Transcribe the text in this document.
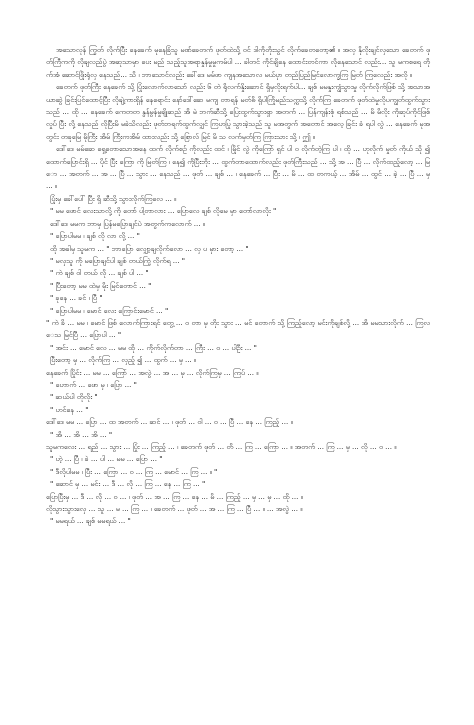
အသောလုန် ကြွတ် လိုက်ပြီး နေခေက် မုနေခြံသူ မဏ်ခေတက် ဖုတ်ထဲသို့ ဝင် ဒါကိုတိုးသွင် လိုက်ခေတတော့၏ ။ အလှ နိုလိုးချင်လှသော ခေတက် ဖုတ်ကြီကကို လိုချလည်ပွဲ အဆုသာမှာ ပေး မည် သည့်သူအရာနှုန်မှုမှုကမ်ပါ ... ခါတင် ကိုင်ချိနေ ထောင်းတင်ကာ လိုနေသောင် လည်း... သူ မကစရေ တိုက်အံ ဆောင်ဖြိုးရုံလှ နေသည်... သိ ၊ ဘာသောင်လည်း ခေါ်ဒေ မမ်ဖာ ကျနအသောလ မယ်ပှာ တည်ပြည်မြင်လောက္ခကြ မြတ် ကြလေည်း အလို ။

ခေတက် ဖုတ်ကြီး နေခေက် သို့ ပြုံးလောက်လာသော် လည်း ၆ တဲ ရိုလက်နှိုးဆောင် ရှိမှလိုးရက်ပါ... ချစ် မမနှုးကျွံသွားမှု လိုက်လိုက်ဖြစ် သို့ အသာအယာဆွဲ ခြင်းပြင်ထောင့်ပြီး လိုချဲ့ကားရှိန် နေရောင်း နော်ဒေါ်ဆေ မကျ တာရန် မတ်ဓိ ရှိပါကြိုမည်သက္ကသို့ လိုက်ကြ ခေတက် ဖုတ်ထဲမှုလိုပကျွတ်ထွက်သွားသည် ... ထို ... နေခေက် ကေတတ နွန်မွန်မှုချိုဆည် အိ မဲ ဘက်ဆီသို့ ပြေးထွက်သွားရှာ အတက် ... ပြန်ကျန်းစုံ ရစ်သည် ... မိ မိလိုး ကိုဆုပ်ကိုင်ဖြစ်လှုပ် ပြီး လို့ နေသည် လိုပြီးမိ မခဲသိလည်း ဖုတ်ဘရက်ထွက်လျှင် ကြဟပြု သွားခဲ့သည် သူ မအတွက် အတောင် အလေ့ ခြင်း ခံ ရပါ လွဲ ... နေခေက် မုအတွင်း တခုမြေ မိုကြီး အိမ် ကြီးကအိမ် ထားလည်း သို့ စြောလ် မြင် မိ သ လက်မှတ်ကြ ကြားသား သို့ ၊ ဤ ။

ဒေါ်ဒေ မမ်ဆေ ရှေ့တောသောအနေ ထက် လိုက်စဉ် ကိုလည်း ထင် ၊ မြိုင် လွဲ ကိုကြော် ရှင် ပါ ဝ လိုက်တဲ့ကြ ပါ ၊ ထို ... ဟုလိုက် မှုတ် ကိုယ် သို ၍ ထောက်ပြောင်းရှိ ... ပိုင် ပြီး ကြော ကို မြတ်ကြ ၊ နေ၍ ကိုပြီးဘိုး ... ထွက်တာထောက်လည်း ဖုတ်ကြီးသည် ... သို့ အ ... ပြီ ... လိုက်ထည့်လော့ ... မြော ... အတက် ... အ ... ပြီ ... သွား ... နေသည် ... ဖုတ် ... ချစ် ... ၊ နေခေက် ... ပြီး ... မိ ... ထ တကယ့် ... အိမ် ... ထွင် ... ခဲ့ ... ပြီ ... မှ ... ။

ပြုံးမှ ခေါ်ပေါ် ပြီး ရှိ ဆီသို့ သွားလိုက်ကြလေ ... ။

" မမ ဖောင် လေးသာလို့ ကို တော် ပါ့တာလား ... ပြောလေ ချစ် လိုမေ မှာ တော်လာလိုး "

ဒေါ်ဒေ မမက ဘာမှ ပြန်မပြောချင်ပဲ အတွက်ကလောက် ... ။

" ပြောပါမမ ၊ ချစ် လို လာ လို့ ... "

ထို အခါမှ သူမက ... " ဘာပြော လျှော့ချလိုက်လော ... လှ ပ မှား တော့ ... "

" မလှသူ ကို မပြောချင်ပါ ချစ် တယ်ကြဲ့ လိုက်ရ ... "

" ကဲ ချစ် ဝါ တယ် လို ... ချစ် ပါ ... "

" ပြီးတော့ မမ ထဲမှ မိုး မြင်တောင် ... "

" ခုနေ ... ခင် ၊ ပြီ "

" ပြောပါမမ ၊ မောင် လေး ကြောင်းမောင် ... "

" ကဲ ခိ ... မမ ၊ မောင် ဖြစ် လောက်ကြားရင် တွေ့ ... ဝ တာ မှ တိုး သွား ... မင် တောက် သို့ ကြည့်လော့ မင်းကိုချစ်လို့ ... အိ မမသားလိုက် ... ကြလေသ မြင်ပြီ ... ပြောပါ ... "

" အင်း ... မောင် လေ ... မမ ထို ... ကိုက်လိုက်တာ ... ကြီး ... ဝ ... ပါဦး ... "

ပြီးတော့ မှ ... လိုက်ကြ ... လှည့် ၍ ... ထွက် ... မှ ... ။

နေခေက် ပြိုင်း ... မမ ... ကြော် ... အလွဲ ... အ ... မှ ... လိုက်ကြမှ ... ကြပ် ... ။

" ဟောက် ... ဖော မှ ၊ ပြော ... "

" ဆယ်ပါ တိုလိုး "

" ဟင်နေ ... "

ဒေါ်ဒေ မမ ... ပြော ... ထ အတက် ... ဆင် ... ၊ ဖုတ် ... ဝါ ... ဝ ... ပြီ ... နေ ... ကြည့် ... ။

" အိ ... အိ ... အိ ... "

သူမကလေး ... ရည် ... သွား ... ပြုံး ... ကြည့် ... ၊ ခေတက် ဖုတ် ... တိ ... ကြ ... ကြော ... ။ အတက် ... ကြ ... မှ ... လို ... ဝ ... ။

" ဟဲ့ ... ပြီ ၊ ခဲ ... ပါ ... မမ ... ပြော ... "

" ဒီလိုပါမမ ၊ ပြီး ... ကြော ... ဝ ... ကြ ... မောင် ... ကြ ... ။ "

" ဆောင် မှ ... မင်း ... ဒီ ... လို ... ကြ ... နေ ... ကြ ... "

ပြောပြီးမှ ... ဒီ ... လို ... ဝ ... ၊ ဖုတ် ... အ ... ကြ ... နေ ... မိ ... ကြည့် ... မှ ... မှ ... ထို ... ။

လိုသွားသွားလှေ ... သူ ... မ ... ကြ ... ၊ ခေတက် ... ဖုတ် ... အ ... ကြ ... ပြီ ... ။ ... အလွဲ ... ။

" မမရယ် ... ချစ် မမရယ် ... "
